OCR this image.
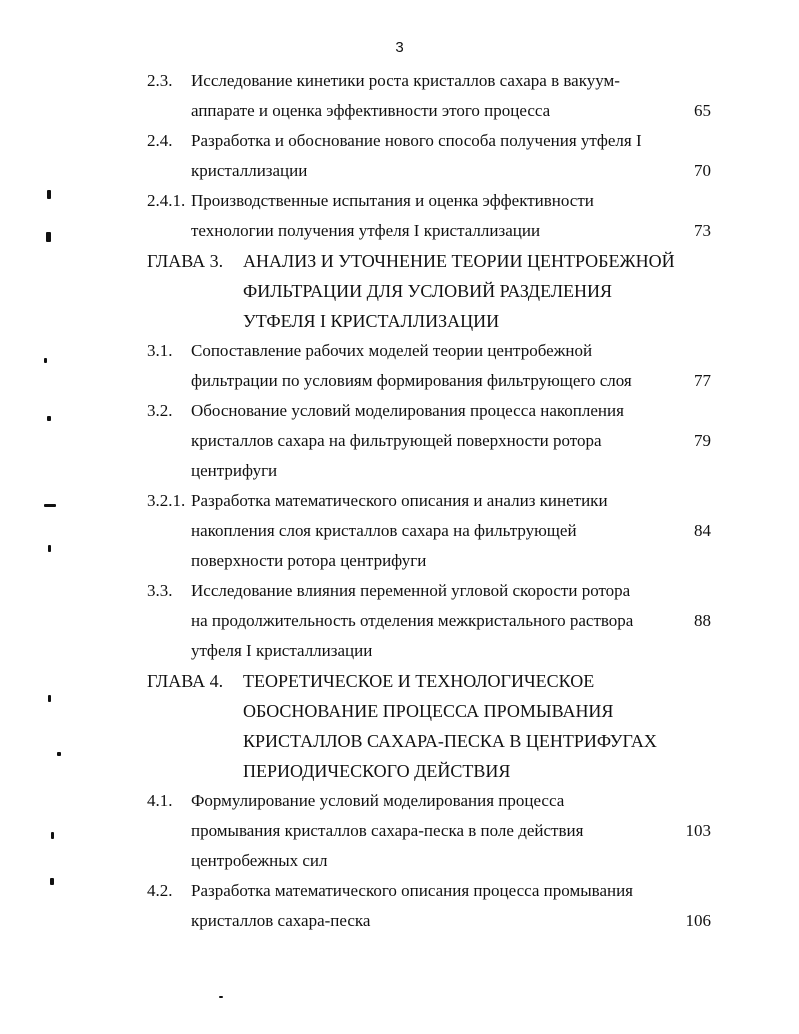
3
2.3. Исследование кинетики роста кристаллов сахара в вакуум-
аппарате и оценка эффективности этого процесса	65
2.4. Разработка и обоснование нового способа получения утфеля I
кристаллизации	70
2.4.1. Производственные испытания и оценка эффективности
технологии получения утфеля I кристаллизации	73
ГЛАВА 3. АНАЛИЗ И УТОЧНЕНИЕ ТЕОРИИ ЦЕНТРОБЕЖНОЙ
ФИЛЬТРАЦИИ ДЛЯ УСЛОВИЙ РАЗДЕЛЕНИЯ
УТФЕЛЯ I КРИСТАЛЛИЗАЦИИ
3.1. Сопоставление рабочих моделей теории центробежной
фильтрации по условиям формирования фильтрующего слоя	77
3.2. Обоснование условий моделирования процесса накопления
кристаллов сахара на фильтрующей поверхности ротора	79
центрифуги
3.2.1. Разработка математического описания и анализ кинетики
накопления слоя кристаллов сахара на фильтрующей	84
поверхности ротора центрифуги
3.3. Исследование влияния переменной угловой скорости ротора
на продолжительность отделения межкристального раствора	88
утфеля I кристаллизации
ГЛАВА 4. ТЕОРЕТИЧЕСКОЕ И ТЕХНОЛОГИЧЕСКОЕ
ОБОСНОВАНИЕ ПРОЦЕССА ПРОМЫВАНИЯ
КРИСТАЛЛОВ САХАРА-ПЕСКА В ЦЕНТРИФУГАХ
ПЕРИОДИЧЕСКОГО ДЕЙСТВИЯ
4.1. Формулирование условий моделирования процесса
промывания кристаллов сахара-песка в поле действия	103
центробежных сил
4.2. Разработка математического описания процесса промывания
кристаллов сахара-песка	106
